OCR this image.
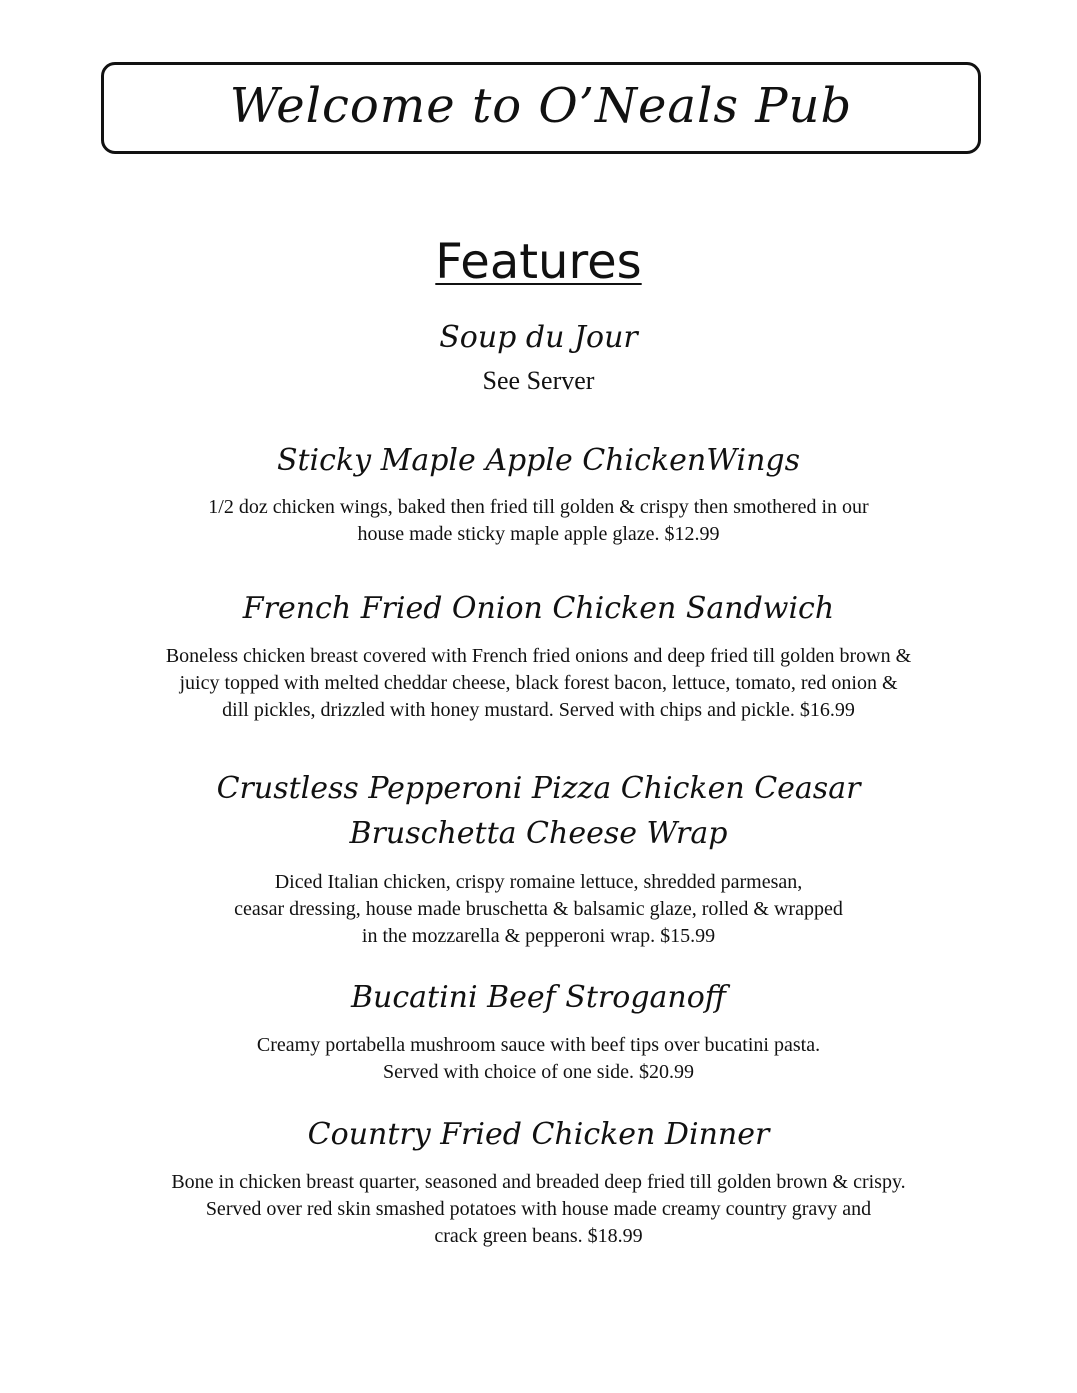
Welcome to O’Neals Pub
Features
Soup du Jour
See Server
Sticky Maple Apple ChickenWings
1/2 doz chicken wings, baked then fried till golden & crispy then smothered in our
house made sticky maple apple glaze. $12.99
French Fried Onion Chicken Sandwich
Boneless chicken breast covered with French fried onions and deep fried till golden brown &
juicy topped with melted cheddar cheese, black forest bacon, lettuce, tomato, red onion &
dill pickles, drizzled with honey mustard. Served with chips and pickle. $16.99
Crustless Pepperoni Pizza Chicken Ceasar
Bruschetta Cheese Wrap
Diced Italian chicken, crispy romaine lettuce, shredded parmesan,
ceasar dressing, house made bruschetta & balsamic glaze, rolled & wrapped
in the mozzarella & pepperoni wrap. $15.99
Bucatini Beef Stroganoff
Creamy portabella mushroom sauce with beef tips over bucatini pasta.
Served with choice of one side. $20.99
Country Fried Chicken Dinner
Bone in chicken breast quarter, seasoned and breaded deep fried till golden brown & crispy.
Served over red skin smashed potatoes with house made creamy country gravy and
crack green beans. $18.99
